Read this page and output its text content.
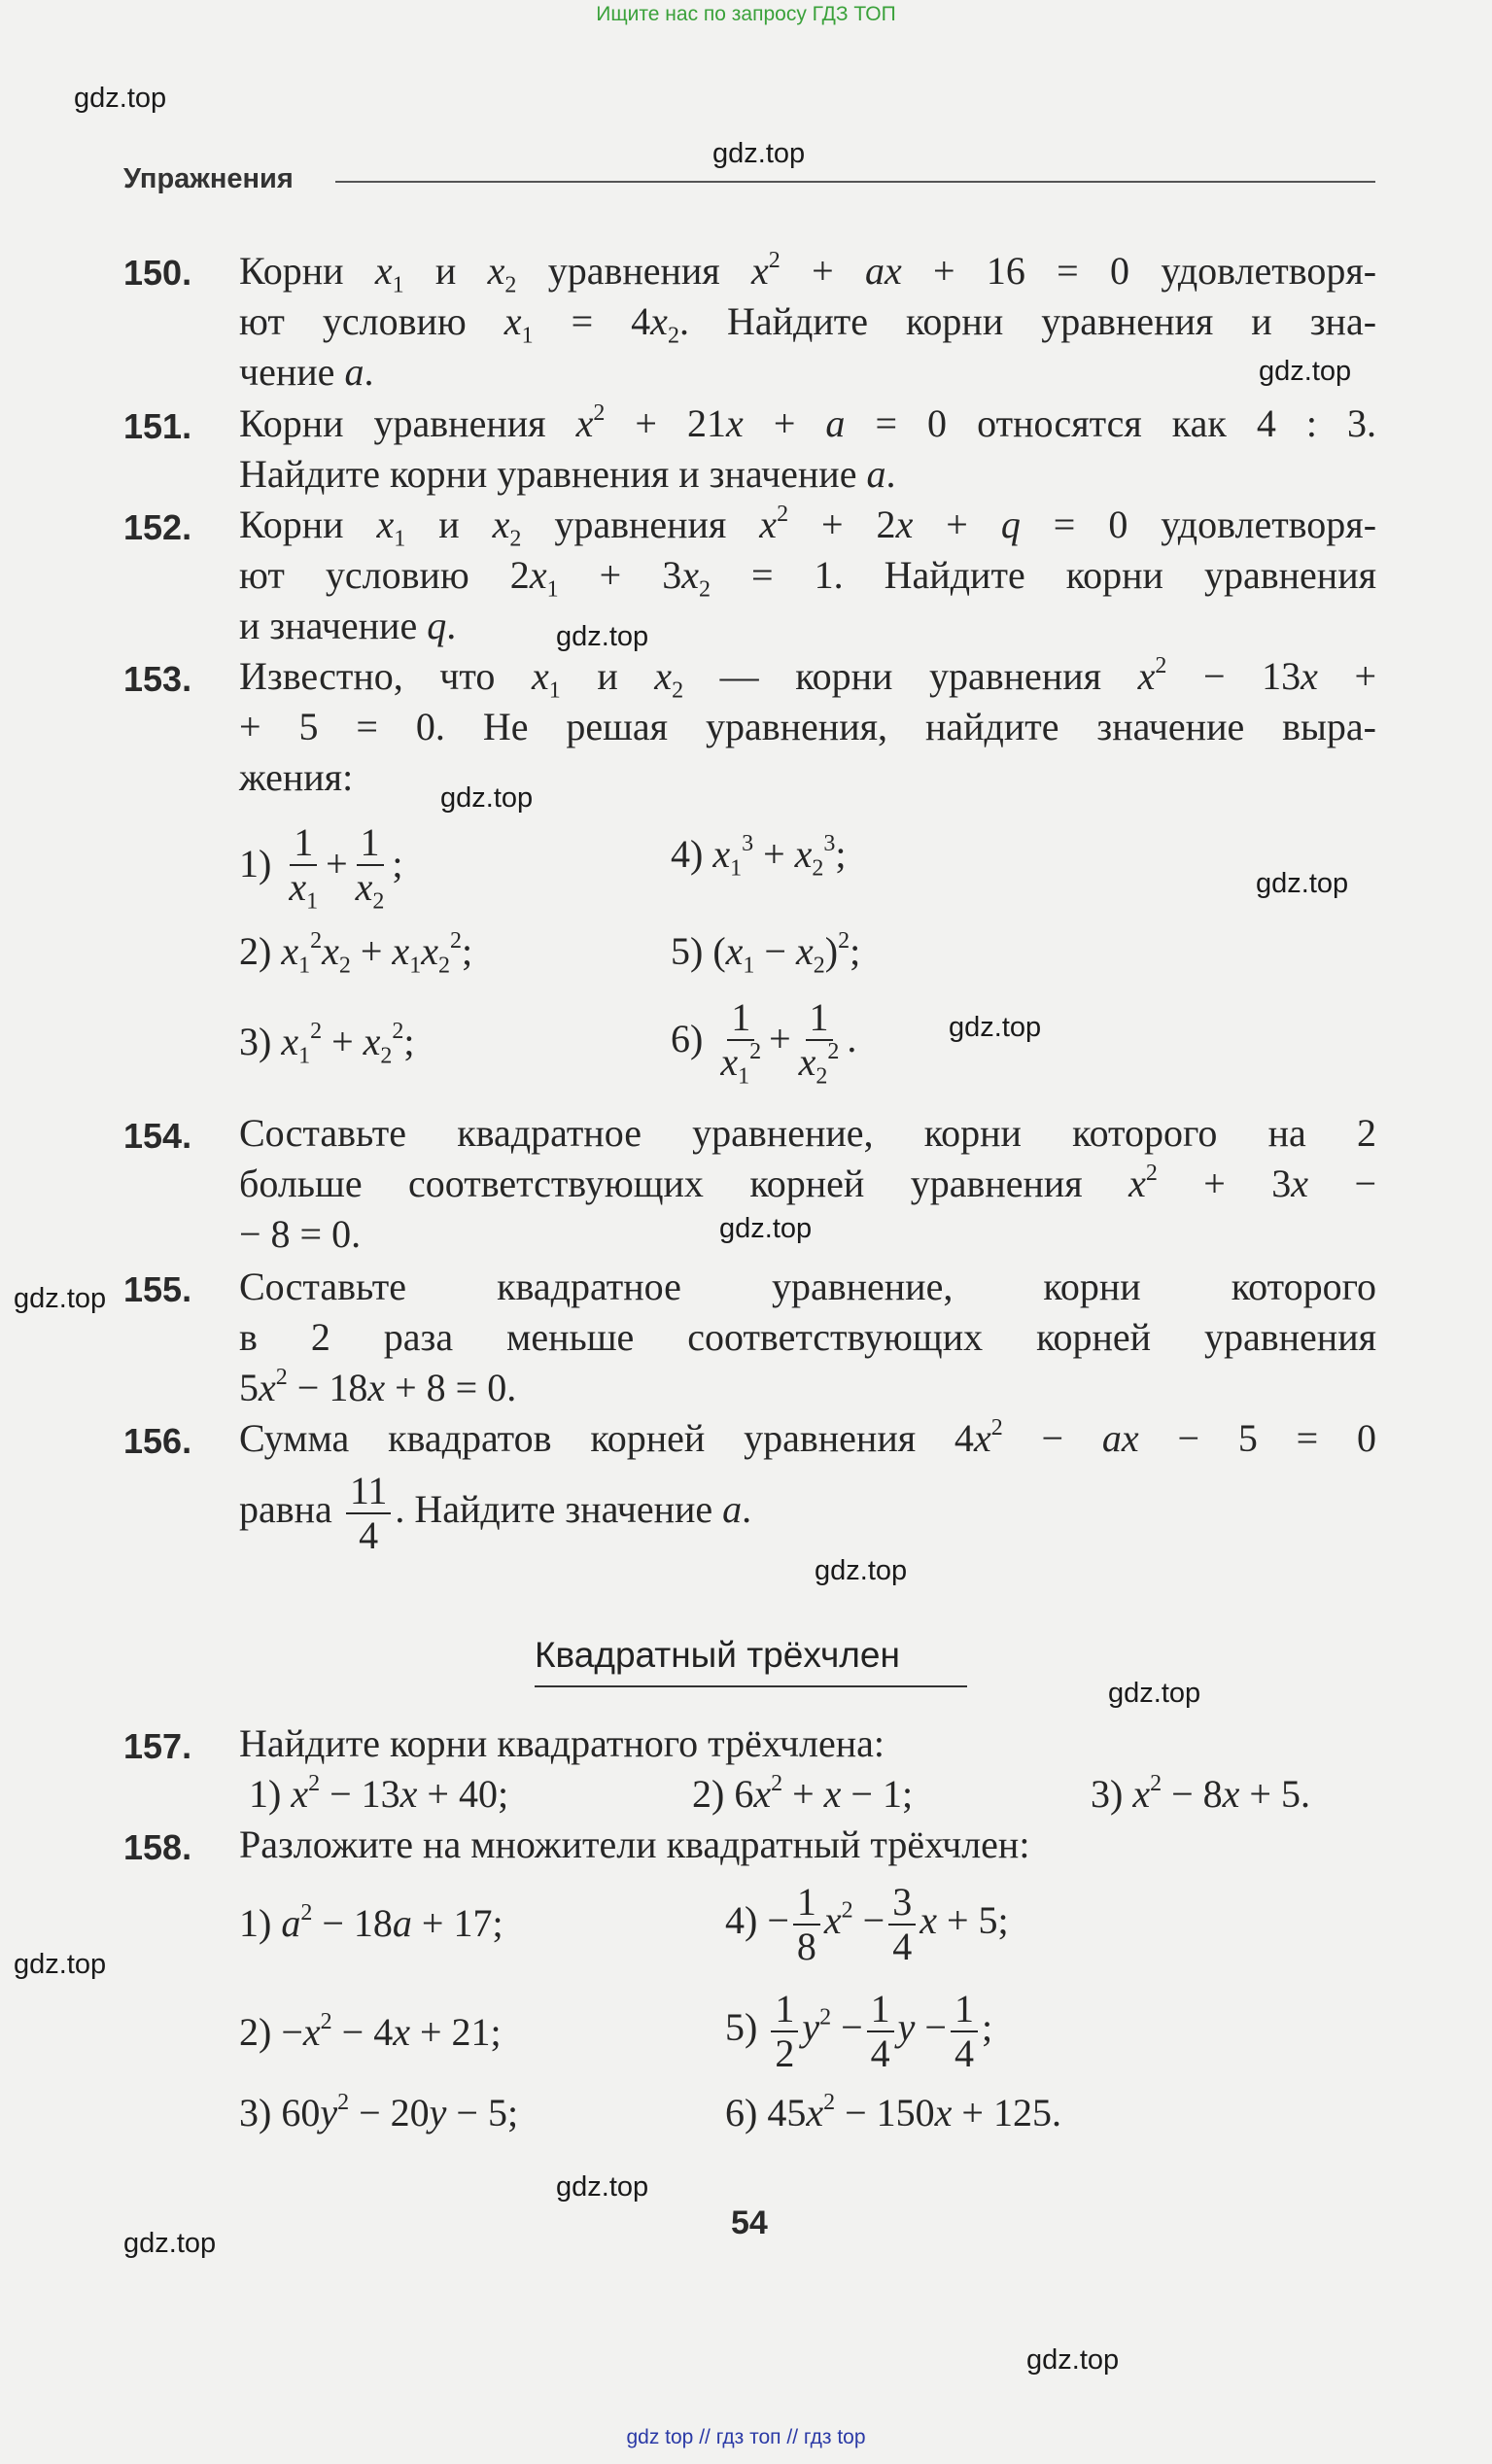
Ищите нас по запросу ГДЗ ТОП
gdz.top
gdz.top
gdz.top
gdz.top
gdz.top
gdz.top
gdz.top
gdz.top
gdz.top
gdz.top
gdz.top
gdz.top
gdz.top
gdz.top
gdz.top
Упражнения
150. Корни $x_1$ и $x_2$ уравнения $x^2$ + ax + 16 = 0 удовлетворя-
ют условию $x_1 = 4x_2$. Найдите корни уравнения и зна-
чение a.
151. Корни уравнения $x^2 + 21x + a = 0$ относятся как 4 : 3.
Найдите корни уравнения и значение a.
152. Корни $x_1$ и $x_2$ уравнения $x^2 + 2x + q = 0$ удовлетворя-
ют условию $2x_1 + 3x_2 = 1$. Найдите корни уравнения
и значение q.
153. Известно, что $x_1$ и $x_2$ — корни уравнения $x^2 - 13x$ +
+ 5 = 0. Не решая уравнения, найдите значение выра-
жения:
$1) \frac{1}{x_1} + \frac{1}{x_2}$ ;	4) $x_1^3 + x_2^3$;
2) $x_1^2x_2 + x_1x_2^2$;	5) $(x_1 - x_2)^2$;
3) $x_1^2 + x_2^2$;	$6) \frac{1}{x_1^2} + \frac{1}{x_2^2}$ .
154. Составьте квадратное уравнение, корни которого на 2
больше соответствующих корней уравнения $x^2 + 3x$ −
− 8 = 0.
155. Составьте квадратное уравнение, корни которого
в 2 раза меньше соответствующих корней уравнения
$5x^2 - 18x + 8 = 0$.
156. Сумма квадратов корней уравнения $4x^2$ − ax − 5 = 0
равна $\frac{11}{4}$ . Найдите значение a.
Квадратный трёхчлен
157. Найдите корни квадратного трёхчлена:
1) $x^2 - 13x + 40$;	2) $6x^2 + x - 1$;	3) $x^2 - 8x + 5$.
158. Разложите на множители квадратный трёхчлен:
1) $a^2 - 18a + 17$;	$4) - \frac{1}{8} x^2 - \frac{3}{4}$ x + 5;
$2) -x^2 - 4x + 21$;	$5) \frac{1}{2} y^2 - \frac{1}{4}$ $y - \frac{1}{4}$ ;
3) $60y^2 - 20y - 5$;	6) $45x^2 - 150x + 125$.
54
gdz top // гдз топ // гдз top
